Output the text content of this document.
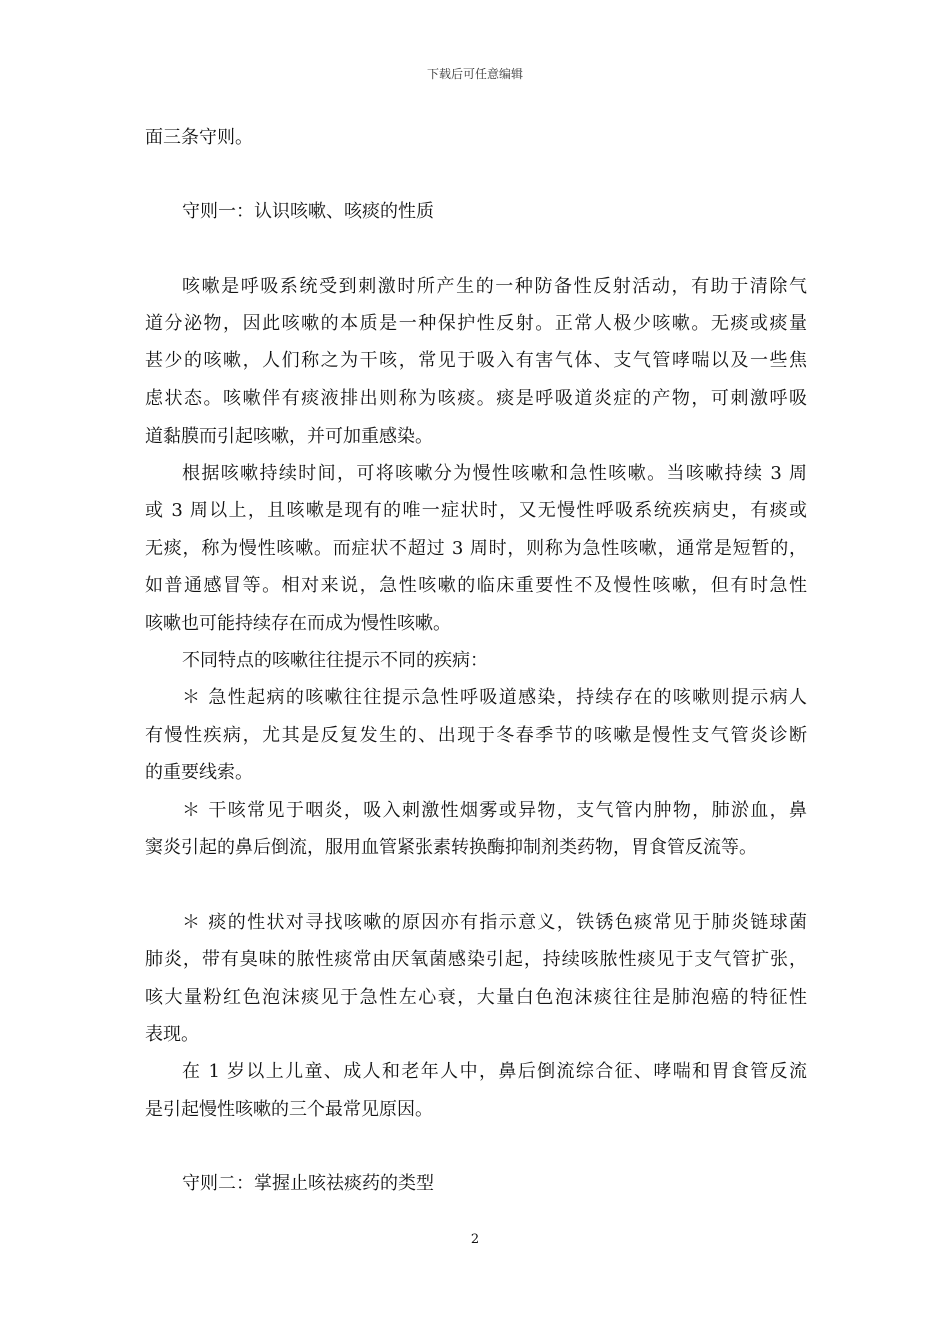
下载后可任意编辑
面三条守则。
守则一：认识咳嗽、咳痰的性质
咳嗽是呼吸系统受到刺激时所产生的一种防备性反射活动，有助于清除气
道分泌物，因此咳嗽的本质是一种保护性反射。正常人极少咳嗽。无痰或痰量
甚少的咳嗽，人们称之为干咳，常见于吸入有害气体、支气管哮喘以及一些焦
虑状态。咳嗽伴有痰液排出则称为咳痰。痰是呼吸道炎症的产物，可刺激呼吸
道黏膜而引起咳嗽，并可加重感染。
根据咳嗽持续时间，可将咳嗽分为慢性咳嗽和急性咳嗽。当咳嗽持续 3 周
或 3 周以上，且咳嗽是现有的唯一症状时，又无慢性呼吸系统疾病史，有痰或
无痰，称为慢性咳嗽。而症状不超过 3 周时，则称为急性咳嗽，通常是短暂的，
如普通感冒等。相对来说，急性咳嗽的临床重要性不及慢性咳嗽，但有时急性
咳嗽也可能持续存在而成为慢性咳嗽。
不同特点的咳嗽往往提示不同的疾病：
＊ 急性起病的咳嗽往往提示急性呼吸道感染，持续存在的咳嗽则提示病人
有慢性疾病，尤其是反复发生的、出现于冬春季节的咳嗽是慢性支气管炎诊断
的重要线索。
＊ 干咳常见于咽炎，吸入刺激性烟雾或异物，支气管内肿物，肺淤血，鼻
窦炎引起的鼻后倒流，服用血管紧张素转换酶抑制剂类药物，胃食管反流等。
＊ 痰的性状对寻找咳嗽的原因亦有指示意义，铁锈色痰常见于肺炎链球菌
肺炎，带有臭味的脓性痰常由厌氧菌感染引起，持续咳脓性痰见于支气管扩张，
咳大量粉红色泡沫痰见于急性左心衰，大量白色泡沫痰往往是肺泡癌的特征性
表现。
在 1 岁以上儿童、成人和老年人中，鼻后倒流综合征、哮喘和胃食管反流
是引起慢性咳嗽的三个最常见原因。
守则二：掌握止咳祛痰药的类型
2
